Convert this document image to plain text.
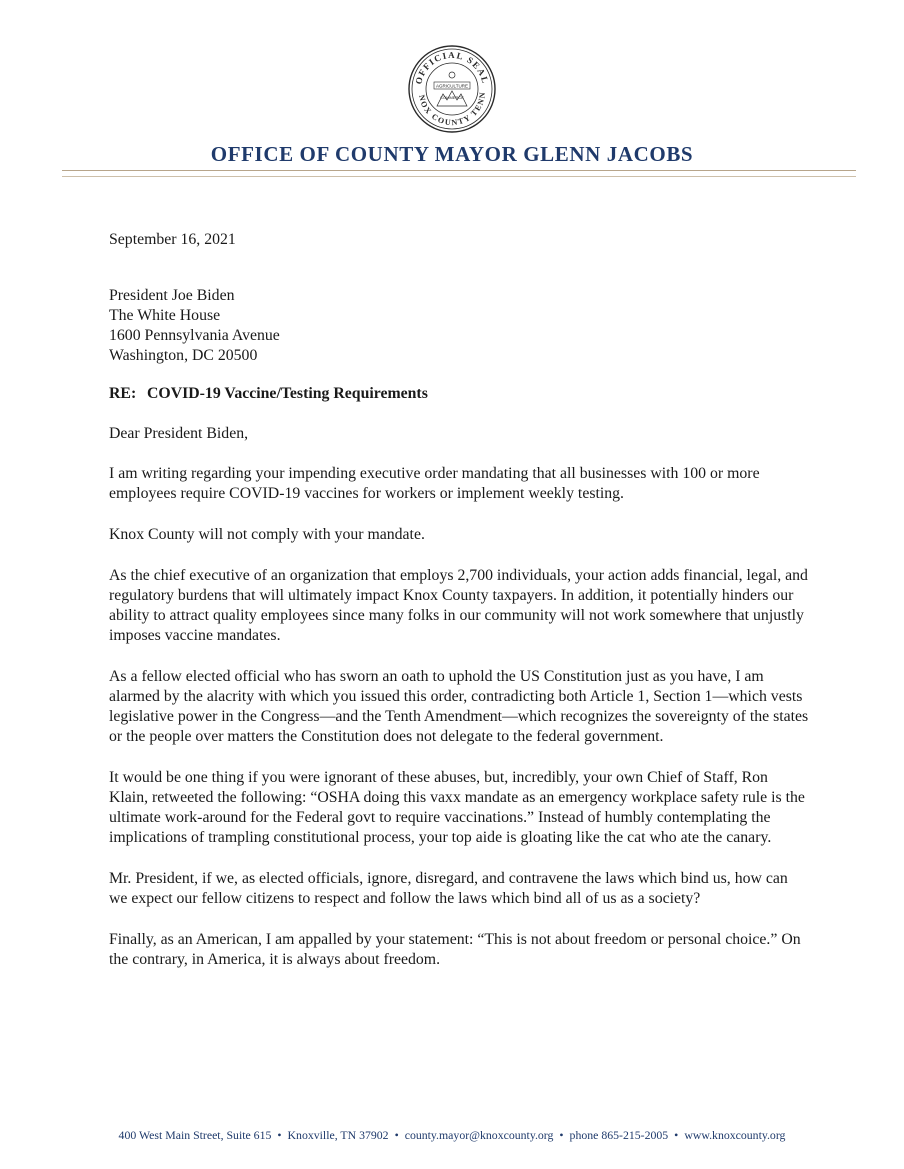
OFFICIAL SEAL
NOX COUNTY TENN
AGRICULTURE
COMMERCE
OFFICE OF COUNTY MAYOR GLENN JACOBS

September 16, 2021

President Joe Biden

The White House

1600 Pennsylvania Avenue

Washington, DC 20500

RE: COVID-19 Vaccine/Testing Requirements

Dear President Biden,

I am writing regarding your impending executive order mandating that all businesses with 100 or more employees require COVID-19 vaccines for workers or implement weekly testing.

Knox County will not comply with your mandate.

As the chief executive of an organization that employs 2,700 individuals, your action adds financial, legal, and regulatory burdens that will ultimately impact Knox County taxpayers. In addition, it potentially hinders our ability to attract quality employees since many folks in our community will not work somewhere that unjustly imposes vaccine mandates.

As a fellow elected official who has sworn an oath to uphold the US Constitution just as you have, I am alarmed by the alacrity with which you issued this order, contradicting both Article 1, Section 1—which vests legislative power in the Congress—and the Tenth Amendment—which recognizes the sovereignty of the states or the people over matters the Constitution does not delegate to the federal government.

It would be one thing if you were ignorant of these abuses, but, incredibly, your own Chief of Staff, Ron Klain, retweeted the following: “OSHA doing this vaxx mandate as an emergency workplace safety rule is the ultimate work-around for the Federal govt to require vaccinations.” Instead of humbly contemplating the implications of trampling constitutional process, your top aide is gloating like the cat who ate the canary.

Mr. President, if we, as elected officials, ignore, disregard, and contravene the laws which bind us, how can we expect our fellow citizens to respect and follow the laws which bind all of us as a society?

Finally, as an American, I am appalled by your statement: “This is not about freedom or personal choice.” On the contrary, in America, it is always about freedom.

400 West Main Street, Suite 615 • Knoxville, TN 37902 • county.mayor@knoxcounty.org • phone 865-215-2005 • www.knoxcounty.org
